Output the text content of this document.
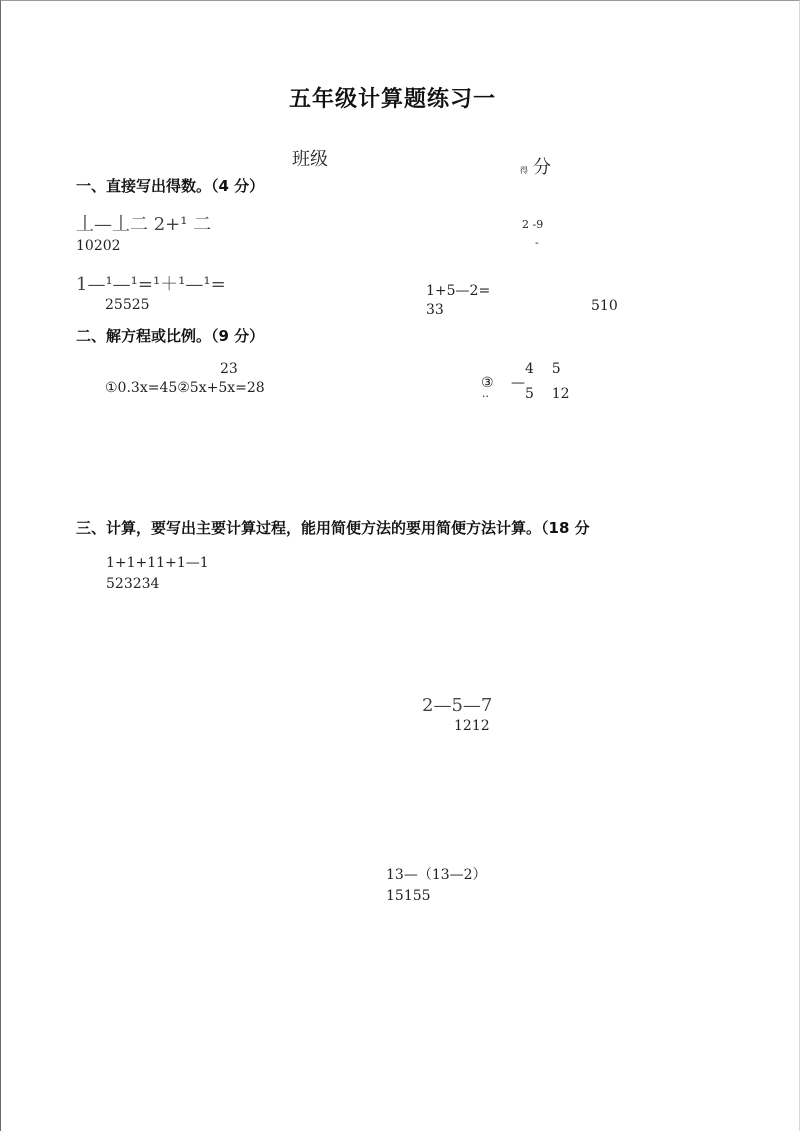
五年级计算题练习一
班级
得 分
一、直接写出得数。（4 分）
丄—丄二 2+¹ 二
10202
2 -9
-
1—¹—¹=¹＋¹—¹=
25525
1+5—2=
33	510
二、解方程或比例。（9 分）
23
①0.3x=45②5x+5x=28	③ —
4    5
5    12
··
三、计算，要写出主要计算过程，能用简便方法的要用简便方法计算。（18 分
1+1+11+1—1
523234
2—5—7
1212
13—（13—2）
15155
